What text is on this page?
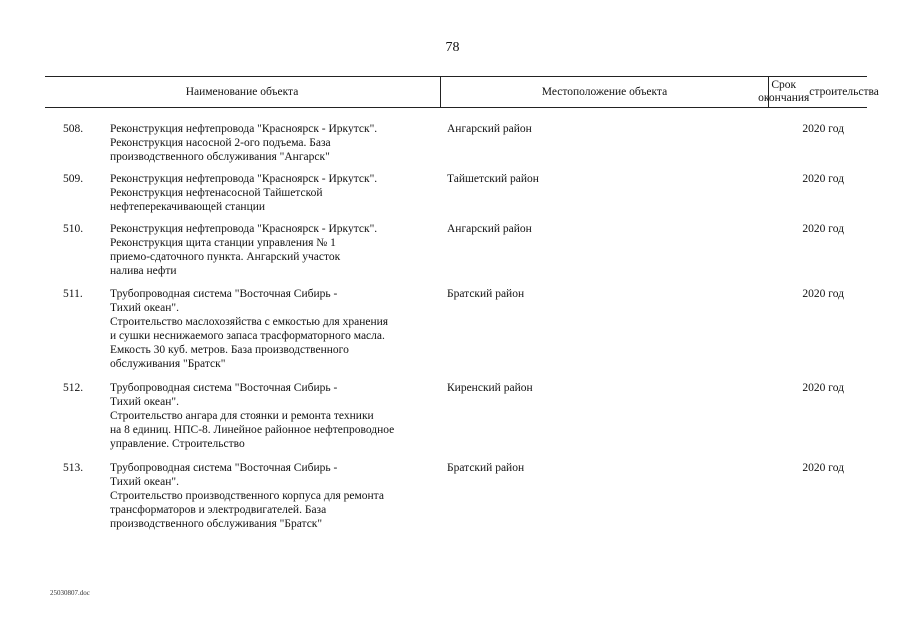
78
Наименование объекта	Местоположение объекта
Срок окончания
строительства
508.	Реконструкция нефтепровода "Красноярск - Иркутск".
Реконструкция насосной 2-ого подъема. База
производственного обслуживания "Ангарск"
Ангарский район	2020 год
509.	Реконструкция нефтепровода "Красноярск - Иркутск".
Реконструкция нефтенасосной Тайшетской
нефтеперекачивающей станции
Тайшетский район	2020 год
510.	Реконструкция нефтепровода "Красноярск - Иркутск".
Реконструкция щита станции управления № 1
приемо-сдаточного пункта. Ангарский участок
налива нефти
Ангарский район	2020 год
511.	Трубопроводная система "Восточная Сибирь -
Тихий океан".
Строительство маслохозяйства с емкостью для хранения
и сушки неснижаемого запаса трасформаторного масла.
Емкость 30 куб. метров. База производственного
обслуживания "Братск"
Братский район	2020 год
512.	Трубопроводная система "Восточная Сибирь -
Тихий океан".
Строительство ангара для стоянки и ремонта техники
на 8 единиц. НПС-8. Линейное районное нефтепроводное
управление. Строительство
Киренский район	2020 год
513.	Трубопроводная система "Восточная Сибирь -
Тихий океан".
Строительство производственного корпуса для ремонта
трансформаторов и электродвигателей. База
производственного обслуживания "Братск"
Братский район	2020 год
25030807.doc
